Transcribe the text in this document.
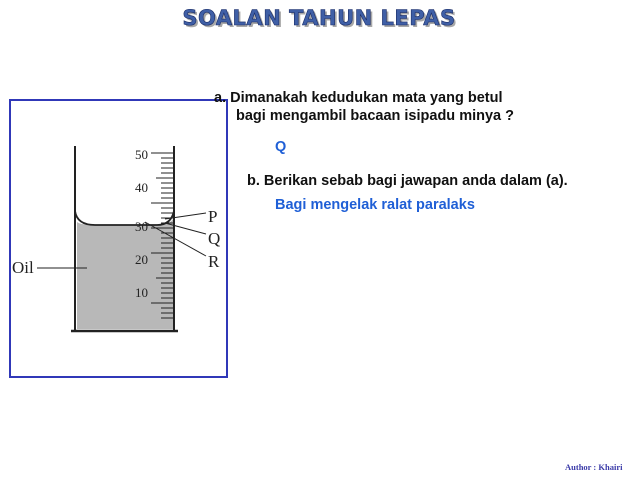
SOALAN TAHUN LEPAS
50
40
30
20
10
P
Q
R
Oil
a. Dimanakah kedudukan mata yang betul
bagi mengambil bacaan isipadu minya ?
Q
b. Berikan sebab bagi jawapan anda dalam (a).
Bagi mengelak ralat paralaks
Author : Khairi
